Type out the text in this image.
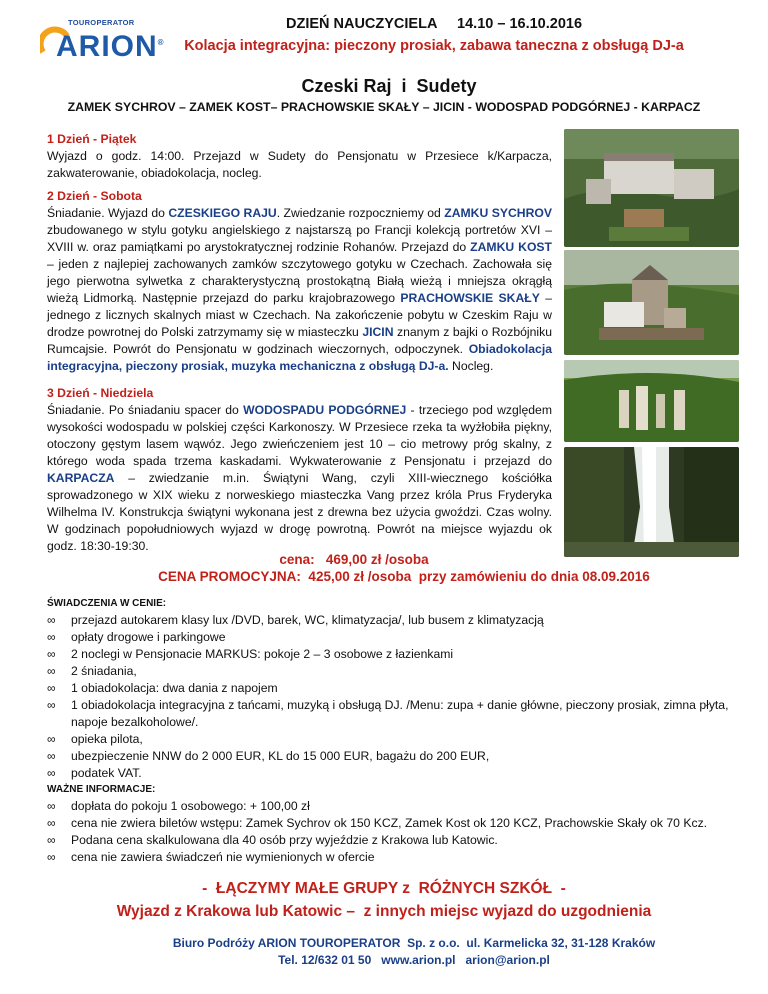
TOUROPERATOR
ARION®
DZIEŃ NAUCZYCIELA     14.10 – 16.10.2016
Kolacja integracyjna: pieczony prosiak, zabawa taneczna z obsługą DJ-a
Czeski Raj  i  Sudety
ZAMEK SYCHROV – ZAMEK KOST– PRACHOWSKIE SKAŁY – JICIN - WODOSPAD PODGÓRNEJ - KARPACZ
1 Dzień - Piątek
Wyjazd o godz. 14:00. Przejazd w Sudety do Pensjonatu w Przesiece k/Karpacza, zakwaterowanie, obiadokolacja, nocleg.
2 Dzień - Sobota
Śniadanie. Wyjazd do CZESKIEGO RAJU. Zwiedzanie rozpoczniemy od ZAMKU SYCHROV zbudowanego w stylu gotyku angielskiego z najstarszą po Francji kolekcją portretów XVI – XVIII w. oraz pamiątkami po arystokratycznej rodzinie Rohanów. Przejazd do ZAMKU KOST – jeden z najlepiej zachowanych zamków szczytowego gotyku w Czechach. Zachowała się jego pierwotna sylwetka z charakterystyczną prostokątną Białą wieżą i mniejsza okrągłą wieżą Lidmorką. Następnie przejazd do parku krajobrazowego PRACHOWSKIE SKAŁY – jednego z licznych skalnych miast w Czechach. Na zakończenie pobytu w Czeskim Raju w drodze powrotnej do Polski zatrzymamy się w miasteczku JICIN znanym z bajki o Rozbójniku Rumcajsie. Powrót do Pensjonatu w godzinach wieczornych, odpoczynek. Obiadokolacja integracyjna, pieczony prosiak, muzyka mechaniczna z obsługą DJ-a. Nocleg.
3 Dzień - Niedziela
Śniadanie. Po śniadaniu spacer do WODOSPADU PODGÓRNEJ - trzeciego pod względem wysokości wodospadu w polskiej części Karkonoszy. W Przesiece rzeka ta wyżłobiła piękny, otoczony gęstym lasem wąwóz. Jego zwieńczeniem jest 10 – cio metrowy próg skalny, z którego woda spada trzema kaskadami. Wykwaterowanie z Pensjonatu i przejazd do KARPACZA – zwiedzanie m.in. Świątyni Wang, czyli XIII-wiecznego kościółka sprowadzonego w XIX wieku z norweskiego miasteczka Vang przez króla Prus Fryderyka Wilhelma IV. Konstrukcja świątyni wykonana jest z drewna bez użycia gwoździ. Czas wolny. W godzinach popołudniowych wyjazd w drogę powrotną. Powrót na miejsce wyjazdu ok godz. 18:30-19:30.
cena:   469,00 zł /osoba
CENA PROMOCYJNA:  425,00 zł /osoba  przy zamówieniu do dnia 08.09.2016
ŚWIADCZENIA W CENIE:
∞	przejazd autokarem klasy lux /DVD, barek, WC, klimatyzacja/, lub busem z klimatyzacją
∞	opłaty drogowe i parkingowe
∞	2 noclegi w Pensjonacie MARKUS: pokoje 2 – 3 osobowe z łazienkami
∞	2 śniadania,
∞	1 obiadokolacja: dwa dania z napojem
∞	1 obiadokolacja integracyjna z tańcami, muzyką i obsługą DJ. /Menu: zupa + danie główne, pieczony prosiak, zimna płyta, napoje bezalkoholowe/.
∞	opieka pilota,
∞	ubezpieczenie NNW do 2 000 EUR, KL do 15 000 EUR, bagażu do 200 EUR,
∞	podatek VAT.
WAŻNE INFORMACJE:
∞	dopłata do pokoju 1 osobowego: + 100,00 zł
∞	cena nie zwiera biletów wstępu: Zamek Sychrov ok 150 KCZ, Zamek Kost ok 120 KCZ, Prachowskie Skały ok 70 Kcz.
∞	Podana cena skalkulowana dla 40 osób przy wyjeździe z Krakowa lub Katowic.
∞	cena nie zawiera świadczeń nie wymienionych w ofercie
-  ŁĄCZYMY MAŁE GRUPY z  RÓŻNYCH SZKÓŁ  -
Wyjazd z Krakowa lub Katowic –  z innych miejsc wyjazd do uzgodnienia
Biuro Podróży ARION TOUROPERATOR  Sp. z o.o.  ul. Karmelicka 32, 31-128 Kraków
Tel. 12/632 01 50   www.arion.pl   arion@arion.pl
